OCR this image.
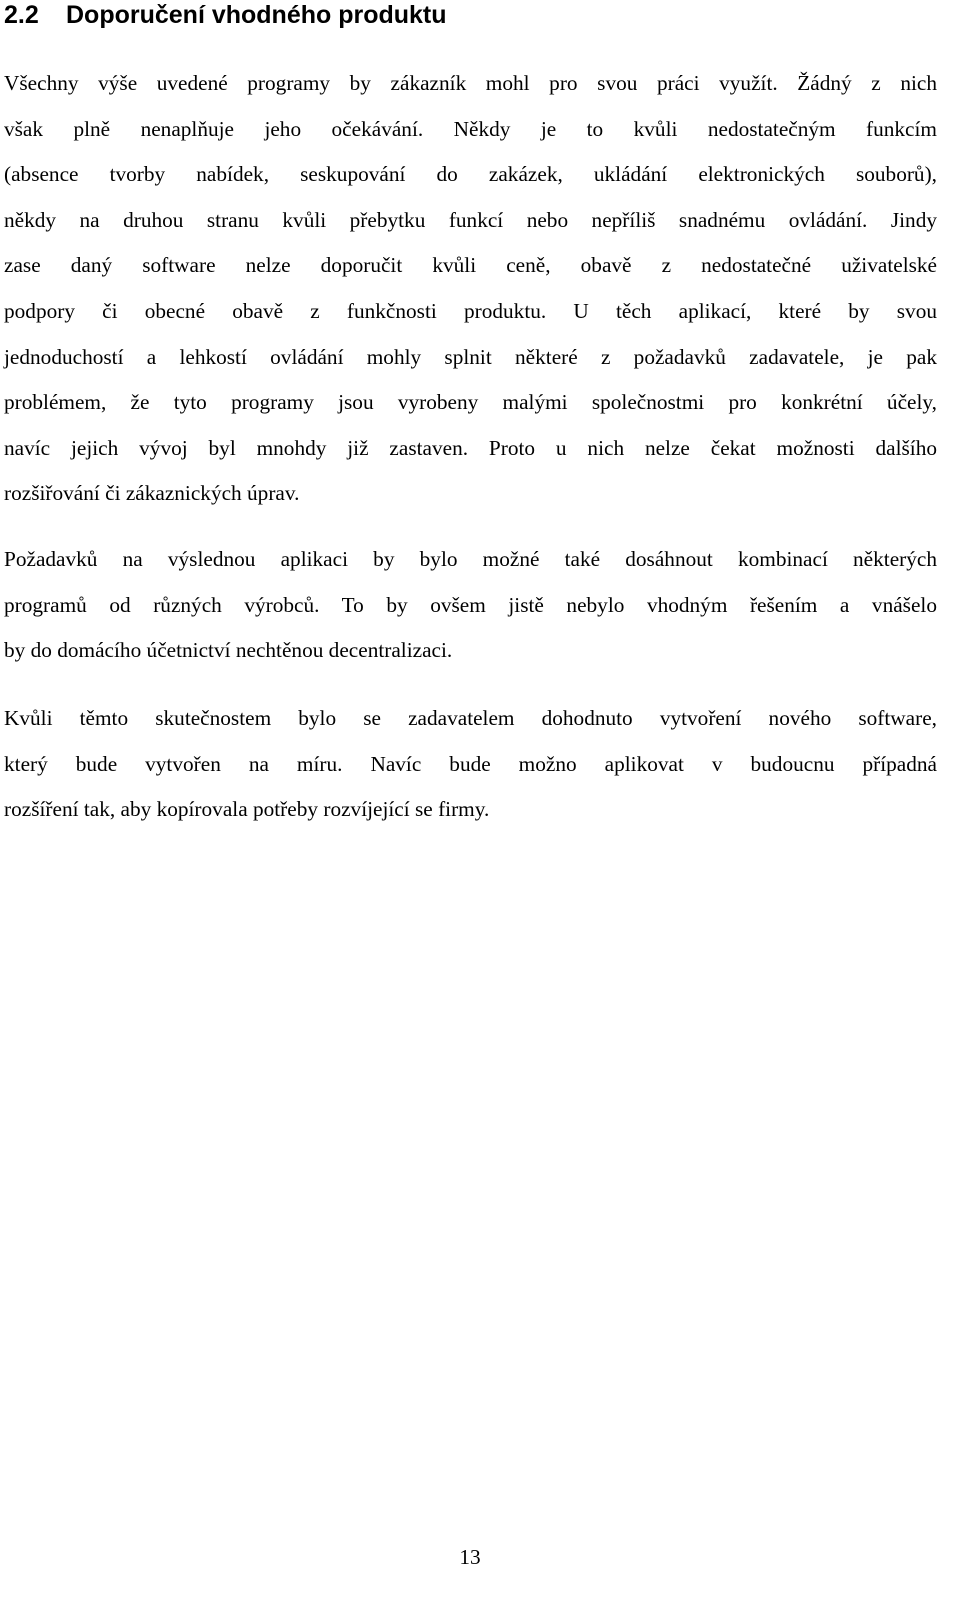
2.2 Doporučení vhodného produktu
Všechny výše uvedené programy by zákazník mohl pro svou práci využít. Žádný z nich
však plně nenaplňuje jeho očekávání. Někdy je to kvůli nedostatečným funkcím
(absence tvorby nabídek, seskupování do zakázek, ukládání elektronických souborů),
někdy na druhou stranu kvůli přebytku funkcí nebo nepříliš snadnému ovládání. Jindy
zase daný software nelze doporučit kvůli ceně, obavě z nedostatečné uživatelské
podpory či obecné obavě z funkčnosti produktu. U těch aplikací, které by svou
jednoduchostí a lehkostí ovládání mohly splnit některé z požadavků zadavatele, je pak
problémem, že tyto programy jsou vyrobeny malými společnostmi pro konkrétní účely,
navíc jejich vývoj byl mnohdy již zastaven. Proto u nich nelze čekat možnosti dalšího
rozšiřování či zákaznických úprav.
Požadavků na výslednou aplikaci by bylo možné také dosáhnout kombinací některých
programů od různých výrobců. To by ovšem jistě nebylo vhodným řešením a vnášelo
by do domácího účetnictví nechtěnou decentralizaci.
Kvůli těmto skutečnostem bylo se zadavatelem dohodnuto vytvoření nového software,
který bude vytvořen na míru. Navíc bude možno aplikovat v budoucnu případná
rozšíření tak, aby kopírovala potřeby rozvíjející se firmy.
13
